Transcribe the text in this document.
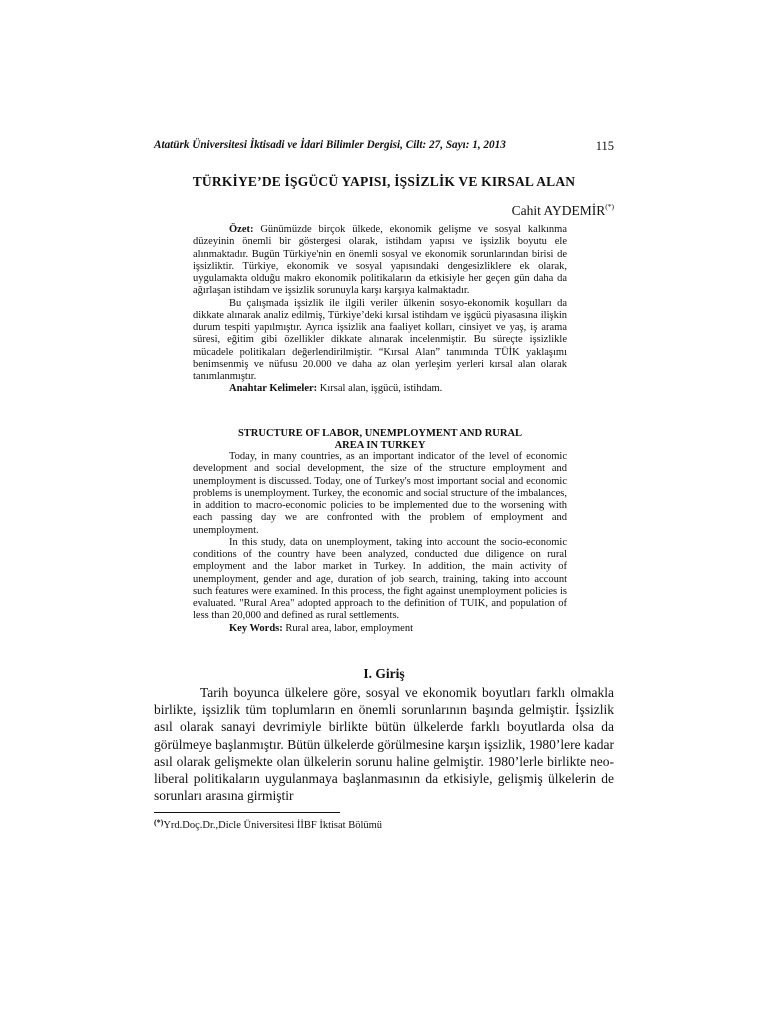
Atatürk Üniversitesi İktisadi ve İdari Bilimler Dergisi, Cilt: 27, Sayı: 1, 2013	115
TÜRKİYE’DE İŞGÜCÜ YAPISI, İŞSİZLİK VE KIRSAL ALAN
Cahit AYDEMİR(*)

Özet: Günümüzde birçok ülkede, ekonomik gelişme ve sosyal kalkınma düzeyinin önemli bir göstergesi olarak, istihdam yapısı ve işsizlik boyutu ele alınmaktadır. Bugün Türkiye'nin en önemli sosyal ve ekonomik sorunlarından birisi de işsizliktir. Türkiye, ekonomik ve sosyal yapısındaki dengesizliklere ek olarak, uygulamakta olduğu makro ekonomik politikaların da etkisiyle her geçen gün daha da ağırlaşan istihdam ve işsizlik sorunuyla karşı karşıya kalmaktadır.

Bu çalışmada işsizlik ile ilgili veriler ülkenin sosyo-ekonomik koşulları da dikkate alınarak analiz edilmiş, Türkiye’deki kırsal istihdam ve işgücü piyasasına ilişkin durum tespiti yapılmıştır. Ayrıca işsizlik ana faaliyet kolları, cinsiyet ve yaş, iş arama süresi, eğitim gibi özellikler dikkate alınarak incelenmiştir. Bu süreçte işsizlikle mücadele politikaları değerlendirilmiştir. “Kırsal Alan” tanımında TÜİK yaklaşımı benimsenmiş ve nüfusu 20.000 ve daha az olan yerleşim yerleri kırsal alan olarak tanımlanmıştır.

Anahtar Kelimeler: Kırsal alan, işgücü, istihdam.

STRUCTURE OF LABOR, UNEMPLOYMENT AND RURAL AREA IN TURKEY

Today, in many countries, as an important indicator of the level of economic development and social development, the size of the structure employment and unemployment is discussed. Today, one of Turkey's most important social and economic problems is unemployment. Turkey, the economic and social structure of the imbalances, in addition to macro-economic policies to be implemented due to the worsening with each passing day we are confronted with the problem of employment and unemployment.

In this study, data on unemployment, taking into account the socio-economic conditions of the country have been analyzed, conducted due diligence on rural employment and the labor market in Turkey. In addition, the main activity of unemployment, gender and age, duration of job search, training, taking into account such features were examined. In this process, the fight against unemployment policies is evaluated. "Rural Area" adopted approach to the definition of TUIK, and population of less than 20,000 and defined as rural settlements.

Key Words: Rural area, labor, employment

I. Giriş

Tarih boyunca ülkelere göre, sosyal ve ekonomik boyutları farklı olmakla birlikte, işsizlik tüm toplumların en önemli sorunlarının başında gelmiştir. İşsizlik asıl olarak sanayi devrimiyle birlikte bütün ülkelerde farklı boyutlarda olsa da görülmeye başlanmıştır. Bütün ülkelerde görülmesine karşın işsizlik, 1980’lere kadar asıl olarak gelişmekte olan ülkelerin sorunu haline gelmiştir. 1980’lerle birlikte neo-liberal politikaların uygulanmaya başlanmasının da etkisiyle, gelişmiş ülkelerin de sorunları arasına girmiştir

(*)Yrd.Doç.Dr.,Dicle Üniversitesi İİBF İktisat Bölümü
